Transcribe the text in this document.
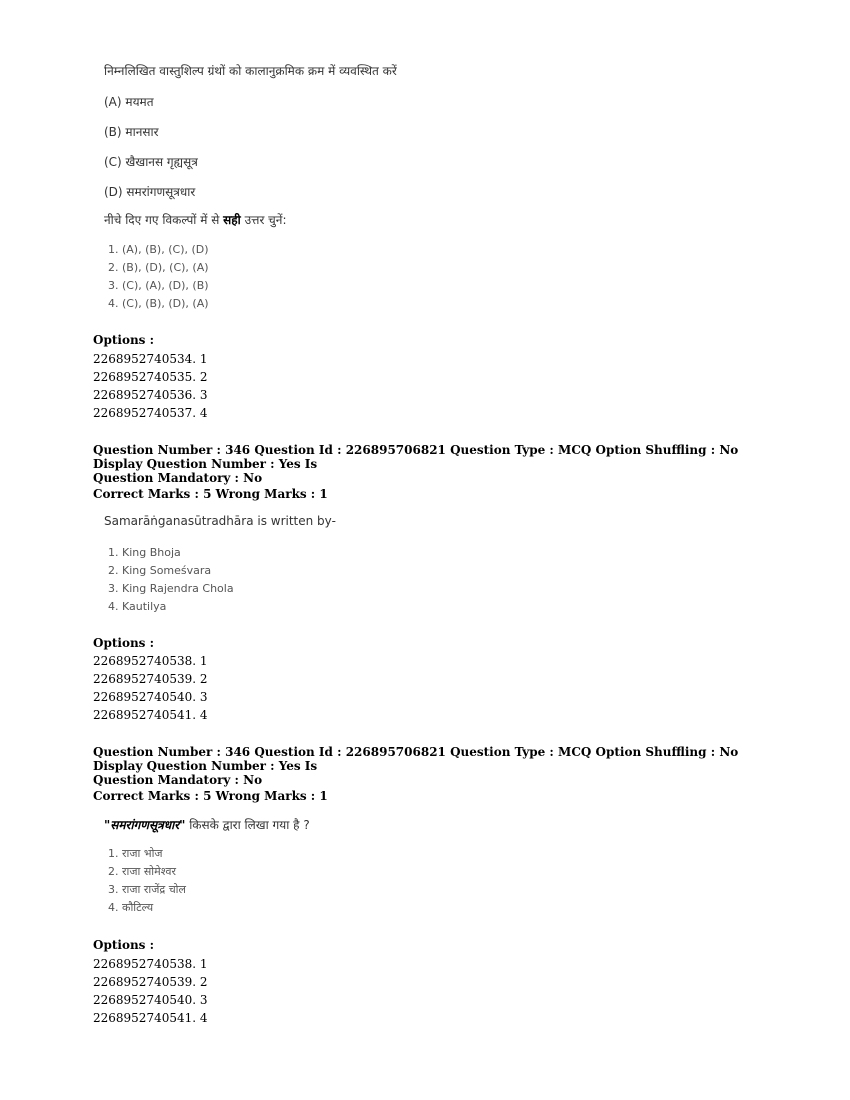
निम्नलिखित वास्तुशिल्प ग्रंथों को कालानुक्रमिक क्रम में व्यवस्थित करें
(A) मयमत
(B) मानसार
(C) खैखानस गृह्यसूत्र
(D) समरांगणसूत्रधार
नीचे दिए गए विकल्पों में से सही उत्तर चुनें:
1. (A), (B), (C), (D)
2. (B), (D), (C), (A)
3. (C), (A), (D), (B)
4. (C), (B), (D), (A)
Options :
2268952740534. 1
2268952740535. 2
2268952740536. 3
2268952740537. 4
Question Number : 346 Question Id : 226895706821 Question Type : MCQ Option Shuffling : No Display Question Number : Yes Is
Question Mandatory : No
Correct Marks : 5 Wrong Marks : 1
Samarāṅganasūtradhāra is written by-
1. King Bhoja
2. King Someśvara
3. King Rajendra Chola
4. Kautilya
Options :
2268952740538. 1
2268952740539. 2
2268952740540. 3
2268952740541. 4
Question Number : 346 Question Id : 226895706821 Question Type : MCQ Option Shuffling : No Display Question Number : Yes Is
Question Mandatory : No
Correct Marks : 5 Wrong Marks : 1
"समरांगणसूत्रधार" किसके द्वारा लिखा गया है ?
1. राजा भोज
2. राजा सोमेश्वर
3. राजा राजेंद्र चोल
4. कौटिल्य
Options :
2268952740538. 1
2268952740539. 2
2268952740540. 3
2268952740541. 4
